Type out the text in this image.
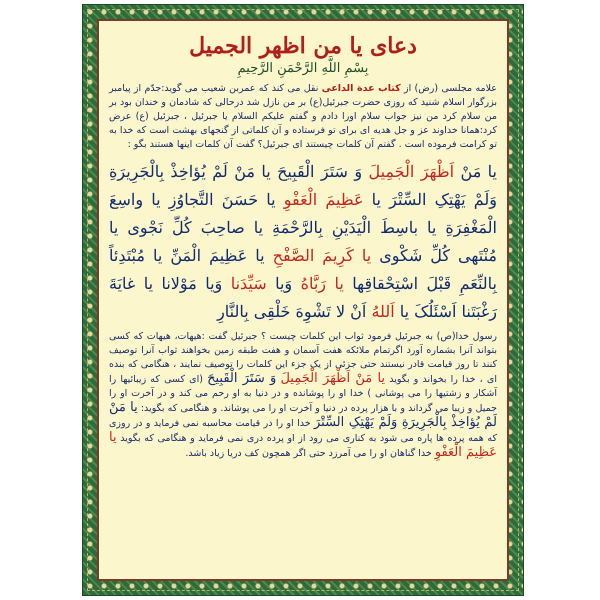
دعای یا من اظهر الجمیل
بِسْمِ اللَّهِ الرَّحْمَنِ الرَّحِیمِ
علامه مجلسی (رض) از کتاب عدة الداعی نقل می کند که عمربن شعیب می گوید:جدّم از پیامبر بزرگوار اسلام شنید که روزی حضرت جبرئیل(ع) بر من نازل شد درحالی که شادمان و خندان بود بر من سلام کرد من نیز جواب سلام اورا دادم و گفتم علیکم السلام یا جبرئیل ، جبرئیل (ع) عرض کرد:همانا خداوند عز و جل هدیه ای برای تو فرستاده و آن کلماتی از گنجهای بهشت است که خدا به تو کرامت فرموده است . گفتم آن کلمات چیستند ای جبرئیل؟ گفت آن کلمات اینها هستند بگو :
یا مَنْ اَظْهَرَ الْجَمِیلَ وَ سَتَرَ الْقَبِیحَ یا مَنْ لَمْ یُؤاخِذْ بِالْجَرِیرَةِ وَلَمْ یَهْتِکِ السِّتْرَ یا عَظِیمَ الْعَفْوِ یا حَسَنَ التَّجاوُزِ یا واسِعَ الْمَغْفِرَةِ یا باسِطَ الْیَدَیْنِ بِالرَّحْمَةِ یا صاحِبَ کُلِّ نَجْوی یا مُنْتَهی کُلِّ شَکْوی یا کَرِیمَ الصَّفْحِ یا عَظِیمَ الْمَنِّ یا مُبْتَدِئاً بِالنِّعَمِ قَبْلَ اسْتِحْقاقِها یا رَبَّاهُ وَیا سَیِّدَنا وَیا مَوْلانا یا غایَةَ رَغْبَتَنا اَسْئَلُکَ یا اَللهُ اَنْ لا تَشْوِهَ خَلْقِی بِالنَّارِ
رسول خدا(ص) به جبرئیل فرمود ثواب این کلمات چیست ؟ جبرئیل گفت :هیهات، هیهات که کسی بتواند آنرا بشماره آورد اگرتمام ملائکه هفت آسمان و هفت طبقه زمین بخواهند ثواب آنرا توصیف کنند تا روز قیامت قادر نیستند حتی جزئی از یک جزء این کلمات را توصیف نمایند ، هنگامی که بنده ای ، خدا را بخواند و بگوید یا مَنْ اَظْهَرَ الْجَمِیلَ وَ سَتَرَ الْقَبِیحَ (ای کسی که زیبائیها را آشکار و زشتیها را می پوشانی ) خدا او را پوشانده و در دنیا به او رحم می کند و در آخرت او را جمیل و زیبا می گرداند و با هزار پرده در دنیا و آخرت او را می پوشاند. و هنگامی که بگوید: یا مَنْ لَمْ یُؤاخِذْ بِالْجَرِیرَةِ وَلَمْ یَهْتِکِ السِّتْرَ خدا او را در قیامت محاسبه نمی فرماید و در روزی که همه پرده ها پاره می شود به کناری می رود از او پرده دری نمی فرماید و هنگامی که بگوید یا عَظِیمَ الْعَفْوِ خدا گناهان او را می آمرزد حتی اگر همچون کف دریا زیاد باشد.
